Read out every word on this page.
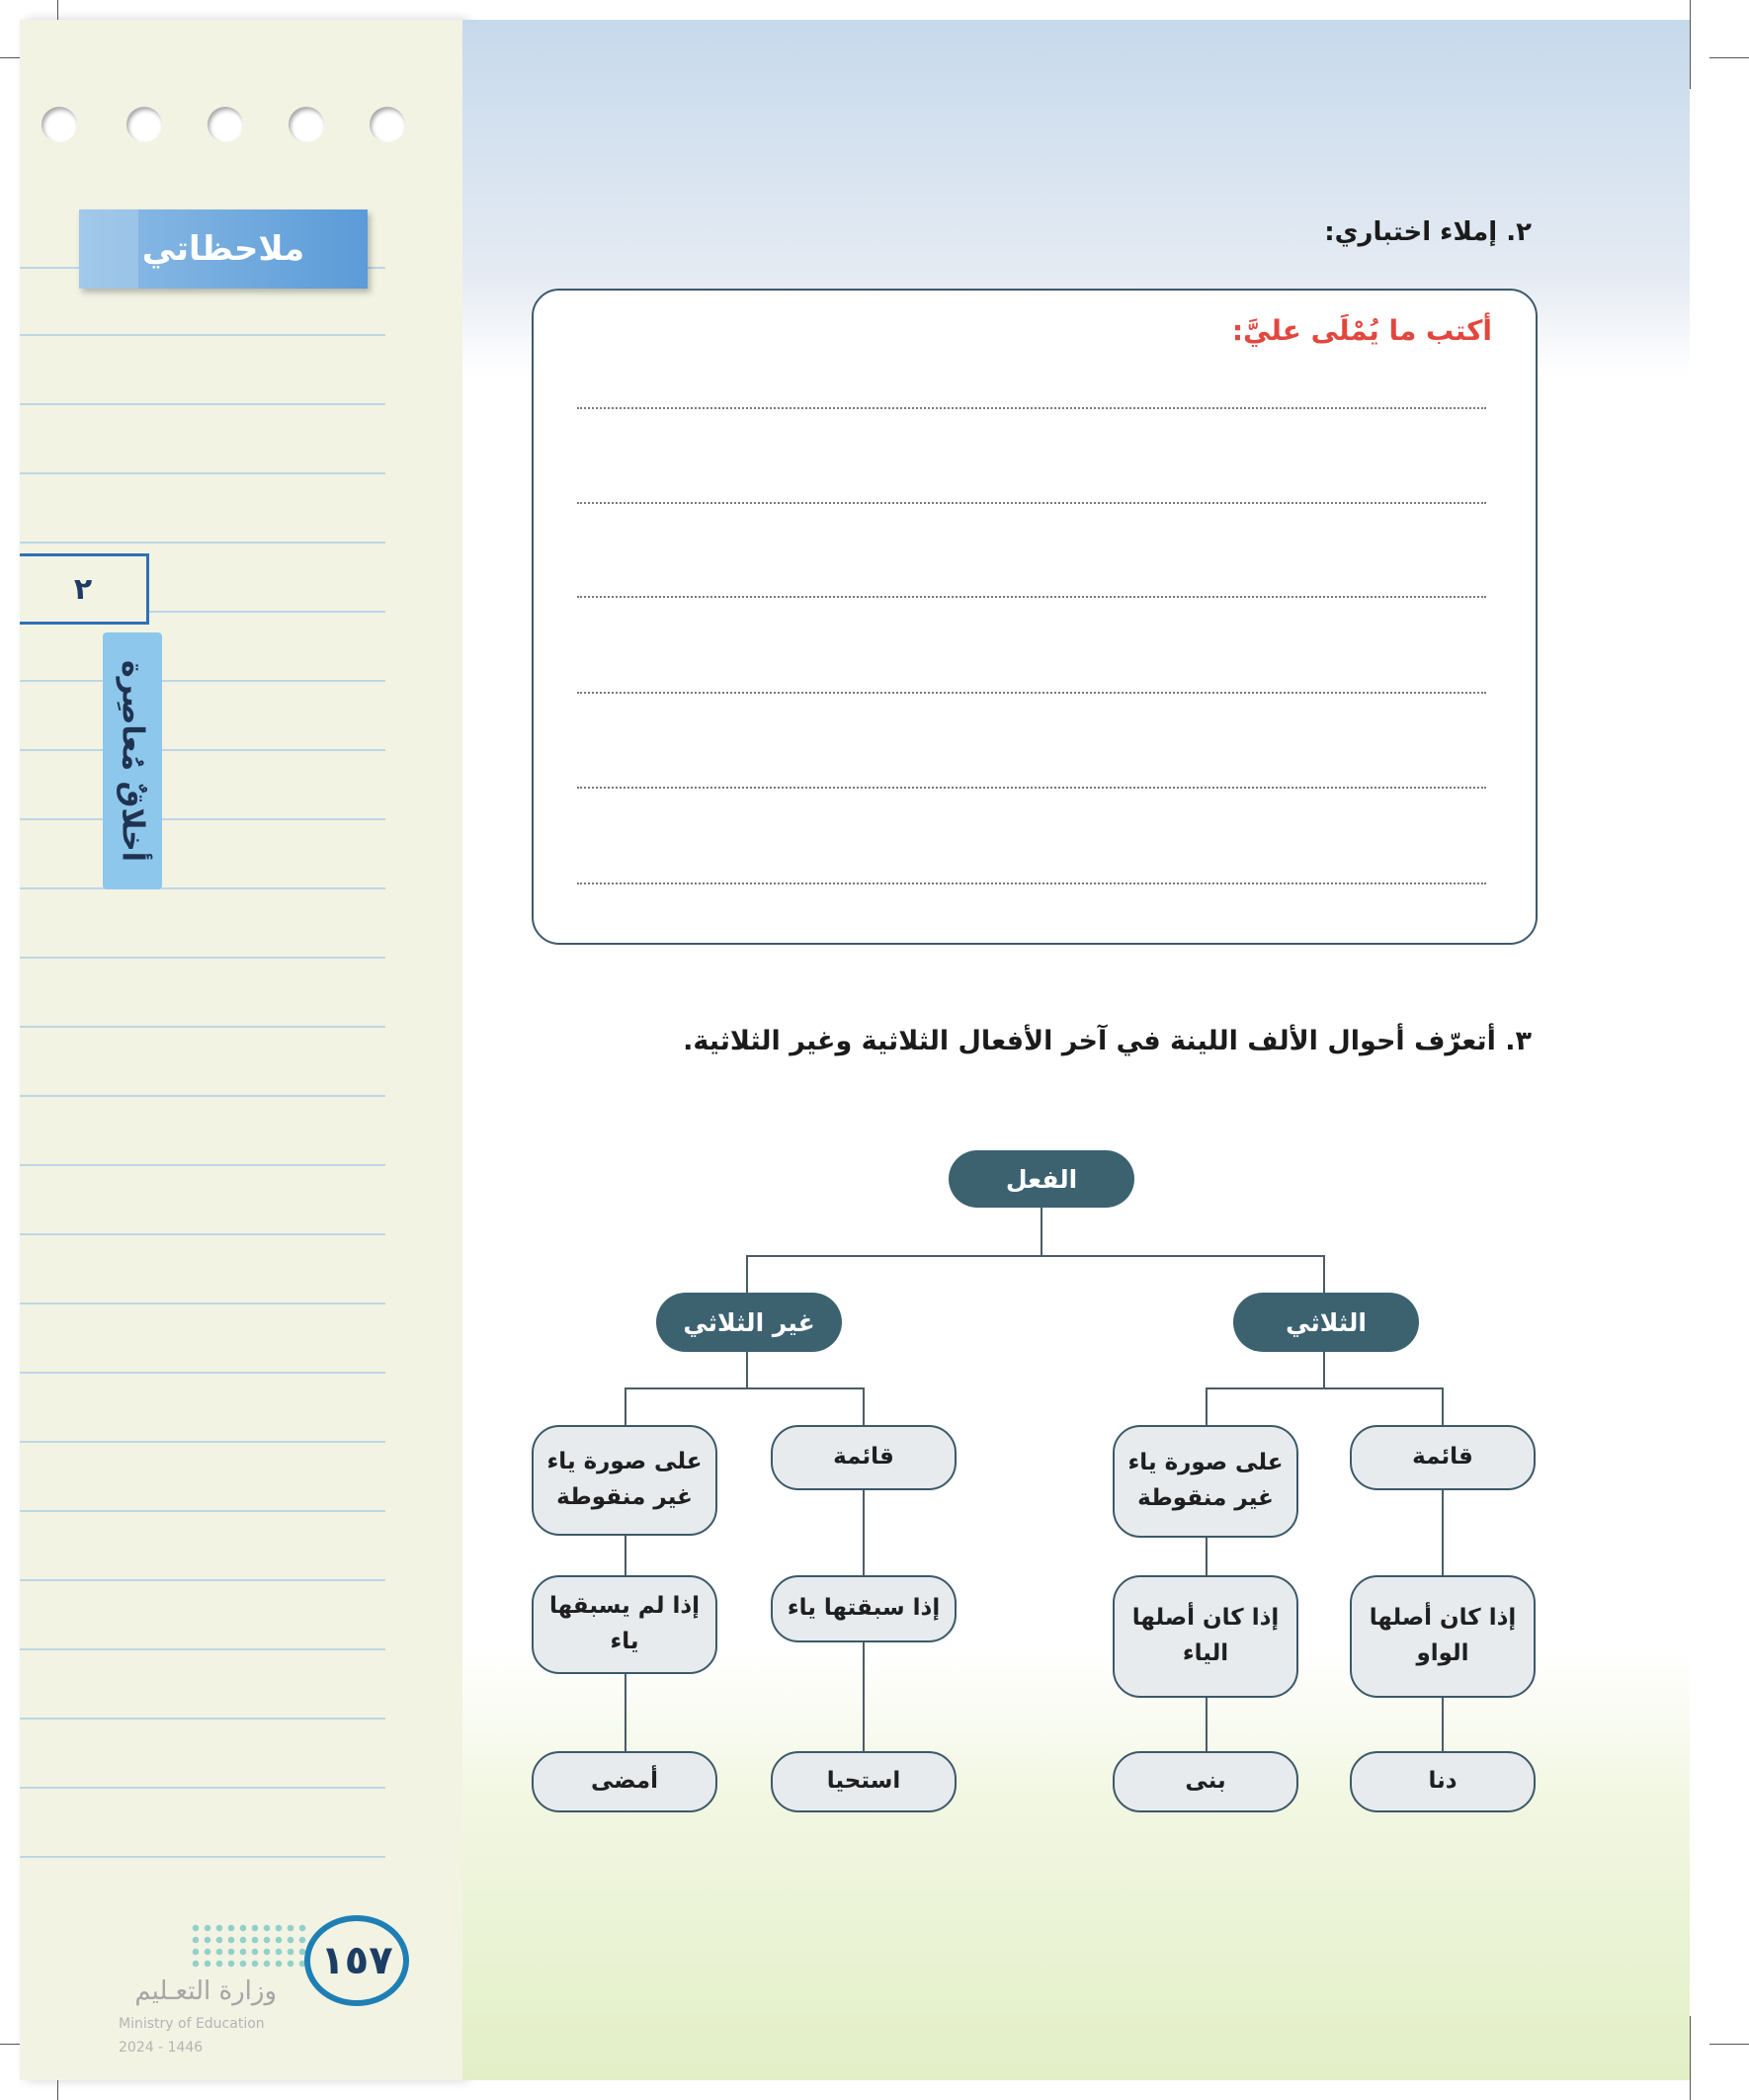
ملاحظاتي
٢
أخلاقٌ مُعاصِرة
١٥٧
وزارة التعـليم
Ministry of Education
2024 - 1446
٢. إملاء اختباري:
أكتب ما يُمْلَى عليَّ:
٣. أتعرّف أحوال الألف اللينة في آخر الأفعال الثلاثية وغير الثلاثية.
الفعل
الثلاثي
غير الثلاثي
قائمة
على صورة ياء غير منقوطة
قائمة
على صورة ياء غير منقوطة
إذا كان أصلها الواو
إذا كان أصلها الياء
إذا سبقتها ياء
إذا لم يسبقها ياء
دنا
بنى
استحيا
أمضى
